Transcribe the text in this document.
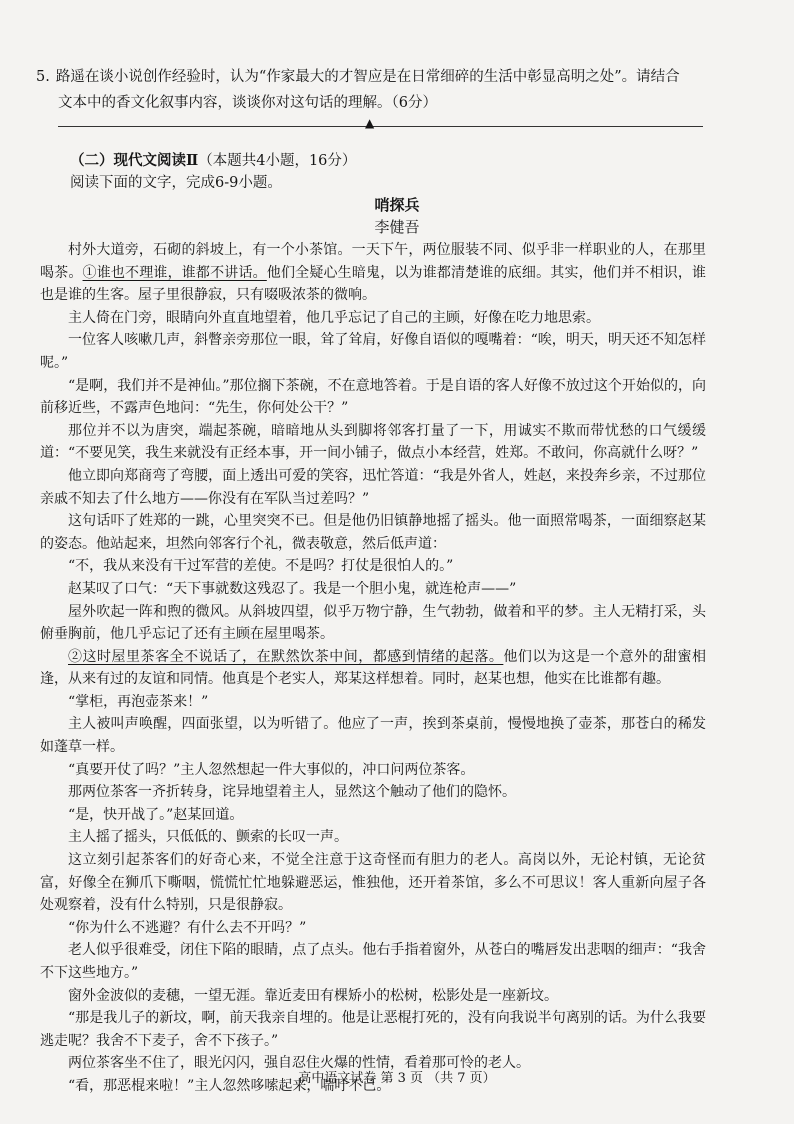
5. 路遥在谈小说创作经验时，认为“作家最大的才智应是在日常细碎的生活中彰显高明之处”。请结合
文本中的香文化叙事内容，谈谈你对这句话的理解。（6分）
▲
（二）现代文阅读Ⅱ（本题共4小题，16分）
阅读下面的文字，完成6-9小题。
哨探兵
李健吾

村外大道旁，石砌的斜坡上，有一个小茶馆。一天下午，两位服装不同、似乎非一样职业的人，在那里喝茶。①谁也不理谁，谁都不讲话。他们全疑心生暗鬼，以为谁都清楚谁的底细。其实，他们并不相识，谁也是谁的生客。屋子里很静寂，只有啜吸浓茶的微响。

主人倚在门旁，眼睛向外直直地望着，他几乎忘记了自己的主顾，好像在吃力地思索。

一位客人咳嗽几声，斜瞥亲旁那位一眼，耸了耸肩，好像自语似的嘎嘴着：“唉，明天，明天还不知怎样呢。”

“是啊，我们并不是神仙。”那位搁下茶碗，不在意地答着。于是自语的客人好像不放过这个开始似的，向前移近些，不露声色地问：“先生，你何处公干？”

那位并不以为唐突，端起茶碗，暗暗地从头到脚将邻客打量了一下，用诚实不欺而带忧愁的口气缓缓道：“不要见笑，我生来就没有正经本事，开一间小铺子，做点小本经营，姓郑。不敢问，你高就什么呀？”

他立即向郑商弯了弯腰，面上透出可爱的笑容，迅忙答道：“我是外省人，姓赵，来投奔乡亲，不过那位亲戚不知去了什么地方——你没有在军队当过差吗？”

这句话吓了姓郑的一跳，心里突突不已。但是他仍旧镇静地摇了摇头。他一面照常喝茶，一面细察赵某的姿态。他站起来，坦然向邻客行个礼，微表敬意，然后低声道：

“不，我从来没有干过军营的差使。不是吗？打仗是很怕人的。”

赵某叹了口气：“天下事就数这残忍了。我是一个胆小鬼，就连枪声——”

屋外吹起一阵和煦的微风。从斜坡四望，似乎万物宁静，生气勃勃，做着和平的梦。主人无精打采，头俯垂胸前，他几乎忘记了还有主顾在屋里喝茶。

②这时屋里茶客全不说话了，在默然饮茶中间，都感到情绪的起落。他们以为这是一个意外的甜蜜相逢，从来有过的友谊和同情。他真是个老实人，郑某这样想着。同时，赵某也想，他实在比谁都有趣。

“掌柜，再泡壶茶来！”

主人被叫声唤醒，四面张望，以为听错了。他应了一声，挨到茶桌前，慢慢地换了壶茶，那苍白的稀发如蓬草一样。

“真要开仗了吗？”主人忽然想起一件大事似的，冲口问两位茶客。

那两位茶客一齐折转身，诧异地望着主人，显然这个触动了他们的隐怀。

“是，快开战了。”赵某回道。

主人摇了摇头，只低低的、颤索的长叹一声。

这立刻引起茶客们的好奇心来，不觉全注意于这奇怪而有胆力的老人。高岗以外，无论村镇，无论贫富，好像全在狮爪下嘶咽，慌慌忙忙地躲避恶运，惟独他，还开着茶馆，多么不可思议！客人重新向屋子各处观察着，没有什么特别，只是很静寂。

“你为什么不逃避？有什么去不开吗？”

老人似乎很难受，闭住下陷的眼睛，点了点头。他右手指着窗外，从苍白的嘴唇发出悲咽的细声：“我舍不下这些地方。”

窗外金波似的麦穗，一望无涯。靠近麦田有棵矫小的松树，松影处是一座新坟。

“那是我儿子的新坟，啊，前天我亲自埋的。他是让恶棍打死的，没有向我说半句离别的话。为什么我要逃走呢？我舍不下麦子，舍不下孩子。”

两位茶客坐不住了，眼光闪闪，强自忍住火爆的性情，看着那可怜的老人。

“看，那恶棍来啦！”主人忽然哆嗦起来，喘吁不已。

高中语文试卷 第 3 页 （共 7 页）
